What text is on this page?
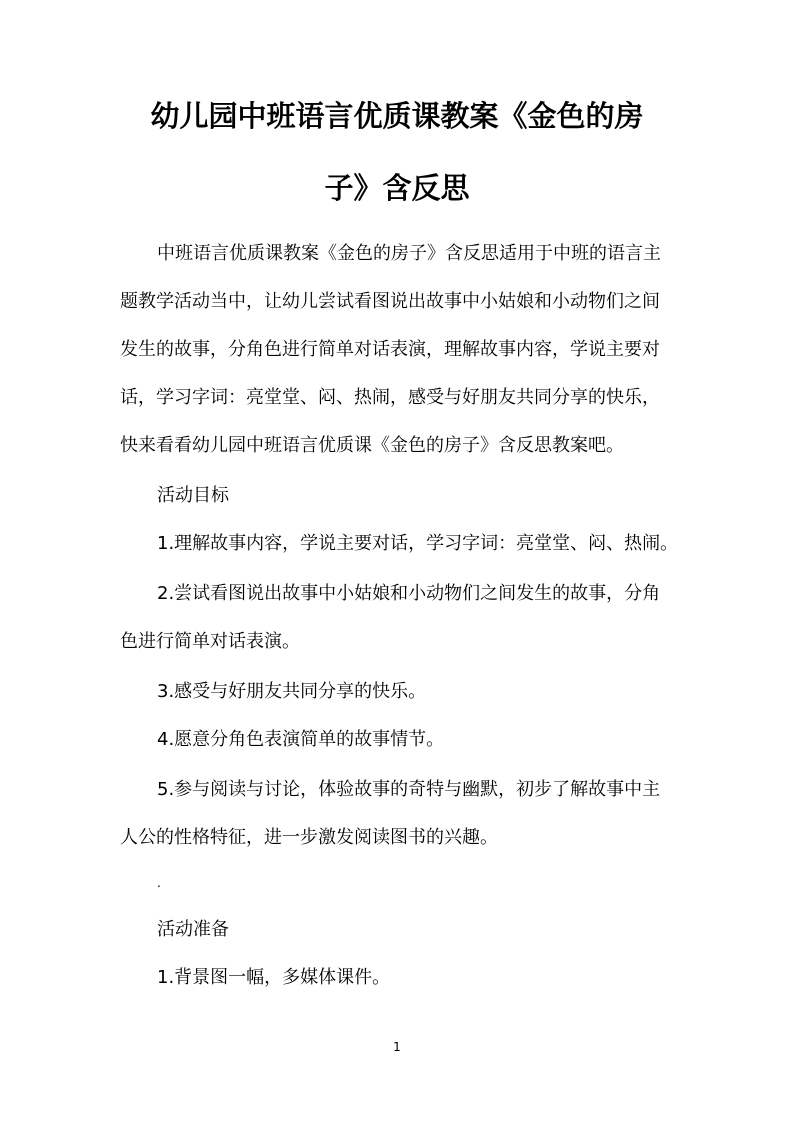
幼儿园中班语言优质课教案《金色的房
子》含反思
中班语言优质课教案《金色的房子》含反思适用于中班的语言主
题教学活动当中，让幼儿尝试看图说出故事中小姑娘和小动物们之间
发生的故事，分角色进行简单对话表演，理解故事内容，学说主要对
话，学习字词：亮堂堂、闷、热闹，感受与好朋友共同分享的快乐，
快来看看幼儿园中班语言优质课《金色的房子》含反思教案吧。
活动目标
1.理解故事内容，学说主要对话，学习字词：亮堂堂、闷、热闹。
2.尝试看图说出故事中小姑娘和小动物们之间发生的故事，分角
色进行简单对话表演。
3.感受与好朋友共同分享的快乐。
4.愿意分角色表演简单的故事情节。
5.参与阅读与讨论，体验故事的奇特与幽默，初步了解故事中主
人公的性格特征，进一步激发阅读图书的兴趣。
.
活动准备
1.背景图一幅，多媒体课件。
1
